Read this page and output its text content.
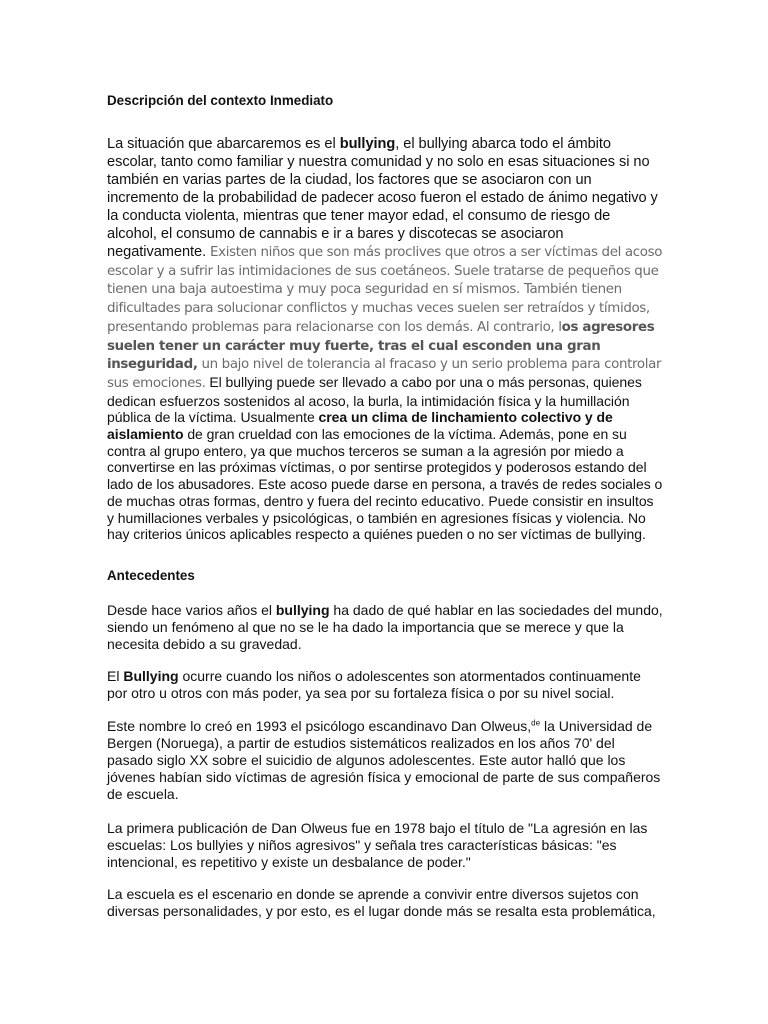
Descripción del contexto Inmediato

La situación que abarcaremos es el bullying, el bullying abarca todo el ámbito escolar, tanto como familiar y nuestra comunidad y no solo en esas situaciones si no también en varias partes de la ciudad, los factores que se asociaron con un incremento de la probabilidad de padecer acoso fueron el estado de ánimo negativo y la conducta violenta, mientras que tener mayor edad, el consumo de riesgo de alcohol, el consumo de cannabis e ir a bares y discotecas se asociaron negativamente. Existen niños que son más proclives que otros a ser víctimas del acoso escolar y a sufrir las intimidaciones de sus coetáneos. Suele tratarse de pequeños que tienen una baja autoestima y muy poca seguridad en sí mismos. También tienen dificultades para solucionar conflictos y muchas veces suelen ser retraídos y tímidos, presentando problemas para relacionarse con los demás. Al contrario, los agresores suelen tener un carácter muy fuerte, tras el cual esconden una gran inseguridad, un bajo nivel de tolerancia al fracaso y un serio problema para controlar sus emociones. El bullying puede ser llevado a cabo por una o más personas, quienes dedican esfuerzos sostenidos al acoso, la burla, la intimidación física y la humillación pública de la víctima. Usualmente crea un clima de linchamiento colectivo y de aislamiento de gran crueldad con las emociones de la víctima. Además, pone en su contra al grupo entero, ya que muchos terceros se suman a la agresión por miedo a convertirse en las próximas víctimas, o por sentirse protegidos y poderosos estando del lado de los abusadores. Este acoso puede darse en persona, a través de redes sociales o de muchas otras formas, dentro y fuera del recinto educativo. Puede consistir en insultos y humillaciones verbales y psicológicas, o también en agresiones físicas y violencia. No hay criterios únicos aplicables respecto a quiénes pueden o no ser víctimas de bullying.

Antecedentes

Desde hace varios años el bullying ha dado de qué hablar en las sociedades del mundo, siendo un fenómeno al que no se le ha dado la importancia que se merece y que la necesita debido a su gravedad.

El Bullying ocurre cuando los niños o adolescentes son atormentados continuamente por otro u otros con más poder, ya sea por su fortaleza física o por su nivel social.

Este nombre lo creó en 1993 el psicólogo escandinavo Dan Olweus,$^{de}$ la Universidad de Bergen (Noruega), a partir de estudios sistemáticos realizados en los años 70' del pasado siglo XX sobre el suicidio de algunos adolescentes. Este autor halló que los jóvenes habían sido víctimas de agresión física y emocional de parte de sus compañeros de escuela.

La primera publicación de Dan Olweus fue en 1978 bajo el título de "La agresión en las escuelas: Los bullyies y niños agresivos" y señala tres características básicas: "es intencional, es repetitivo y existe un desbalance de poder."

La escuela es el escenario en donde se aprende a convivir entre diversos sujetos con diversas personalidades, y por esto, es el lugar donde más se resalta esta problemática,
